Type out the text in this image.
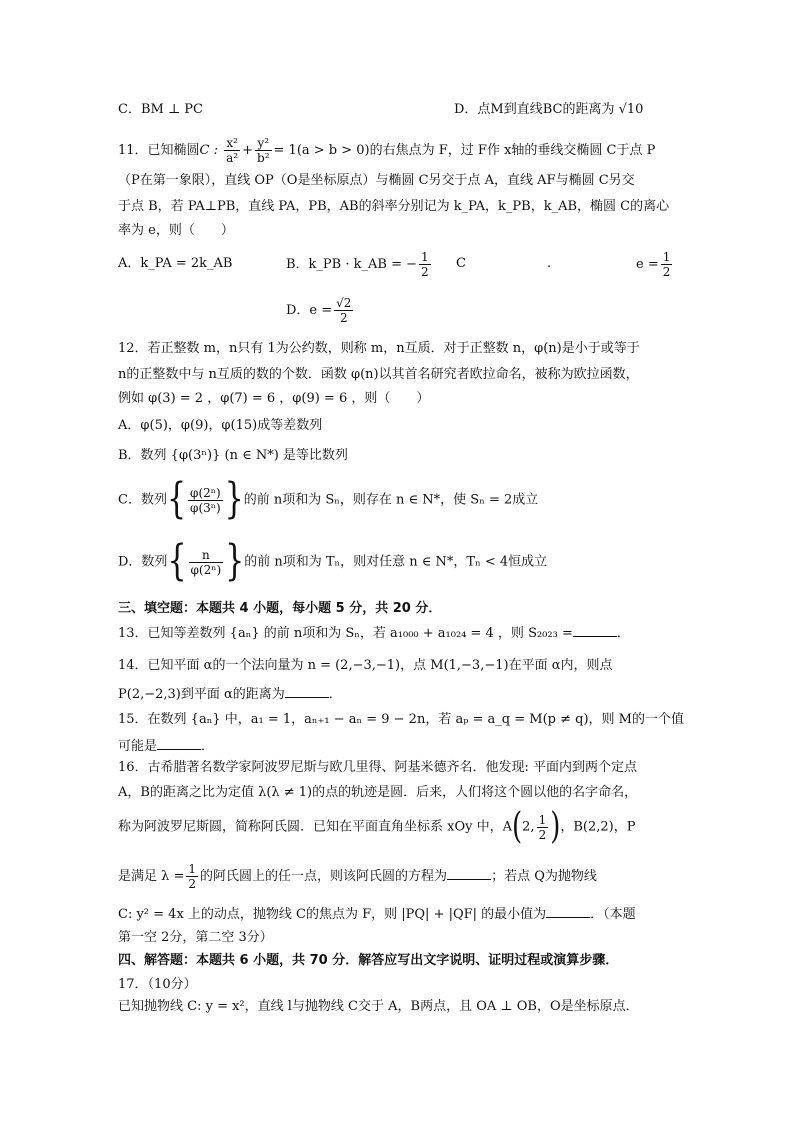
C．BM ⊥ PC	D．点M到直线BC的距离为 √10
11．已知椭圆C : $\frac{\text{x²}}{\text{a²}} + \frac{\text{y²}}{\text{b²}} = 1(a > b > 0)$的右焦点为 F，过 F作 x轴的垂线交椭圆 C于点 P
（P在第一象限），直线 OP（O是坐标原点）与椭圆 C另交于点 A，直线 AF与椭圆 C另交
于点 B，若 PA⊥PB，直线 PA，PB，AB的斜率分别记为 k_PA，k_PB，k_AB，椭圆 C的离心
率为 e，则（　　）
A．k_PA = 2k_AB	B．k_PB · k_AB = − $\frac{1}{2}$ C	.	$e = \frac{1}{2}$
D．$e = \frac{√2}{2}$
12．若正整数 m，n只有 1为公约数，则称 m，n互质．对于正整数 n，φ(n)是小于或等于
n的正整数中与 n互质的数的个数．函数 φ(n)以其首名研究者欧拉命名，被称为欧拉函数，
例如 φ(3) = 2 ，φ(7) = 6 ，φ(9) = 6 ，则（　　）
A．φ(5)，φ(9)，φ(15)成等差数列
B．数列 {φ(3ⁿ)} (n ∈ N*) 是等比数列
C．数列{ $\frac{\text{φ(2ⁿ)}}{\text{φ(3ⁿ)}}$ }的前 n项和为 Sₙ，则存在 n ∈ N*，使 Sₙ = 2成立
D．数列{ $\frac{n}{\text{φ(2ⁿ)}}$ }的前 n项和为 Tₙ，则对任意 n ∈ N*，Tₙ < 4恒成立
三、填空题：本题共 4 小题，每小题 5 分，共 20 分．
13．已知等差数列 {aₙ} 的前 n项和为 Sₙ，若 a₁₀₀₀ + a₁₀₂₄ = 4 ，则 S₂₀₂₃ =	．
14．已知平面 α的一个法向量为 n = (2,−3,−1)，点 M(1,−3,−1)在平面 α内，则点
P(2,−2,3)到平面 α的距离为	．
15．在数列 {aₙ} 中，a₁ = 1，aₙ₊₁ − aₙ = 9 − 2n，若 aₚ = a_q = M(p ≠ q)，则 M的一个值
可能是	．
16．古希腊著名数学家阿波罗尼斯与欧几里得、阿基米德齐名．他发现: 平面内到两个定点
A，B的距离之比为定值 λ(λ ≠ 1)的点的轨迹是圆．后来，人们将这个圆以他的名字命名，
称为阿波罗尼斯圆，简称阿氏圆．已知在平面直角坐标系 xOy 中，A(2, $\frac{1}{2}$ )，B(2,2)，P
是满足 $\lambda = \frac{1}{2}$ 的阿氏圆上的任一点，则该阿氏圆的方程为	；若点 Q为抛物线
C: y² = 4x 上的动点，抛物线 C的焦点为 F，则 |PQ| + |QF| 的最小值为	．（本题
第一空 2分，第二空 3分）
四、解答题：本题共 6 小题，共 70 分．解答应写出文字说明、证明过程或演算步骤．
17．（10分）
已知抛物线 C: y = x²，直线 l与抛物线 C交于 A，B两点，且 OA ⊥ OB，O是坐标原点．
